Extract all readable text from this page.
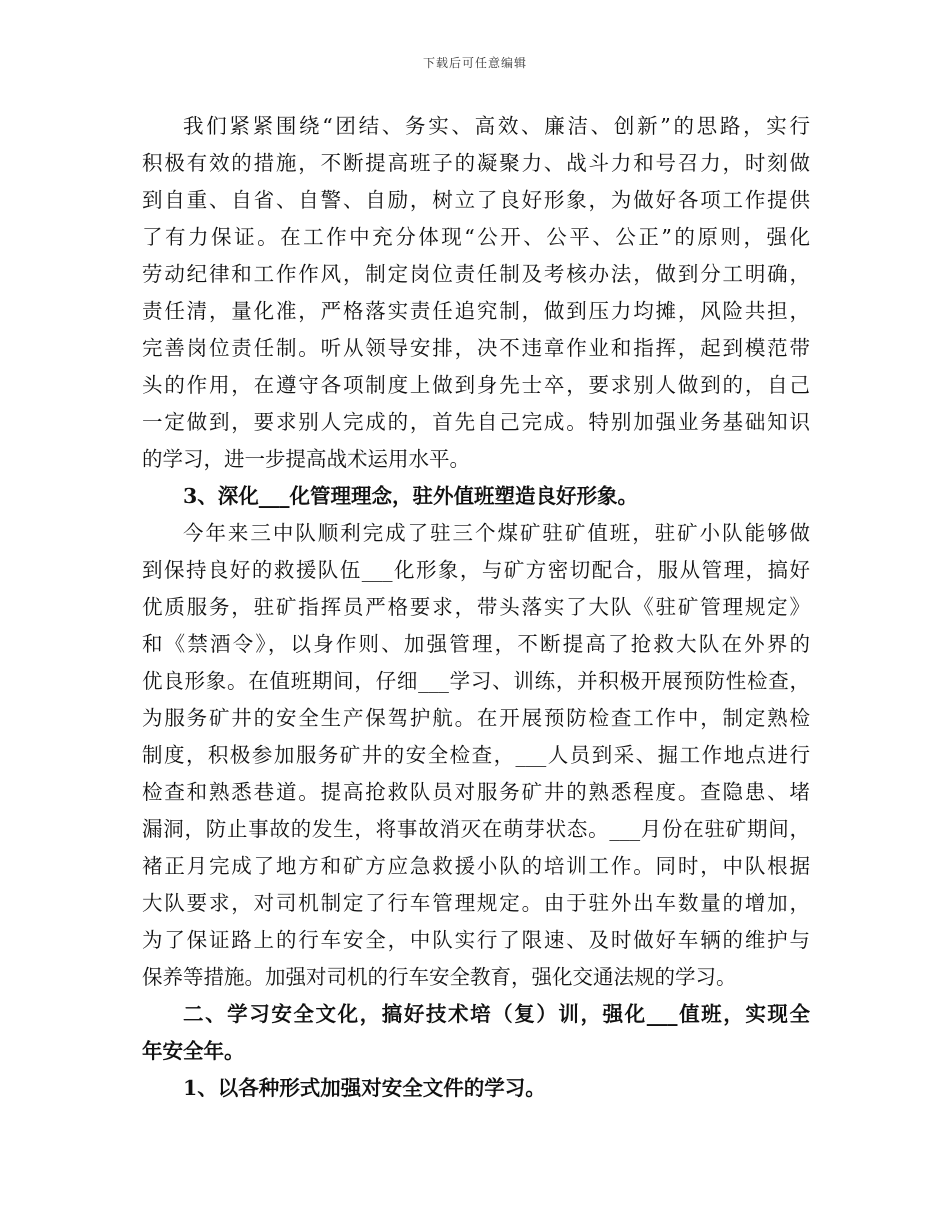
下载后可任意编辑
我们紧紧围绕“团结、务实、高效、廉洁、创新”的思路，实行
积极有效的措施，不断提高班子的凝聚力、战斗力和号召力，时刻做
到自重、自省、自警、自励，树立了良好形象，为做好各项工作提供
了有力保证。在工作中充分体现“公开、公平、公正”的原则，强化
劳动纪律和工作作风，制定岗位责任制及考核办法，做到分工明确，
责任清，量化准，严格落实责任追究制，做到压力均摊，风险共担，
完善岗位责任制。听从领导安排，决不违章作业和指挥，起到模范带
头的作用，在遵守各项制度上做到身先士卒，要求别人做到的，自己
一定做到，要求别人完成的，首先自己完成。特别加强业务基础知识
的学习，进一步提高战术运用水平。
3、深化___化管理理念，驻外值班塑造良好形象。
今年来三中队顺利完成了驻三个煤矿驻矿值班，驻矿小队能够做
到保持良好的救援队伍___化形象，与矿方密切配合，服从管理，搞好
优质服务，驻矿指挥员严格要求，带头落实了大队《驻矿管理规定》
和《禁酒令》，以身作则、加强管理，不断提高了抢救大队在外界的
优良形象。在值班期间，仔细___学习、训练，并积极开展预防性检查，
为服务矿井的安全生产保驾护航。在开展预防检查工作中，制定熟检
制度，积极参加服务矿井的安全检查，___人员到采、掘工作地点进行
检查和熟悉巷道。提高抢救队员对服务矿井的熟悉程度。查隐患、堵
漏洞，防止事故的发生，将事故消灭在萌芽状态。___月份在驻矿期间，
褚正月完成了地方和矿方应急救援小队的培训工作。同时，中队根据
大队要求，对司机制定了行车管理规定。由于驻外出车数量的增加，
为了保证路上的行车安全，中队实行了限速、及时做好车辆的维护与
保养等措施。加强对司机的行车安全教育，强化交通法规的学习。
二、学习安全文化，搞好技术培（复）训，强化___值班，实现全
年安全年。
1、以各种形式加强对安全文件的学习。
